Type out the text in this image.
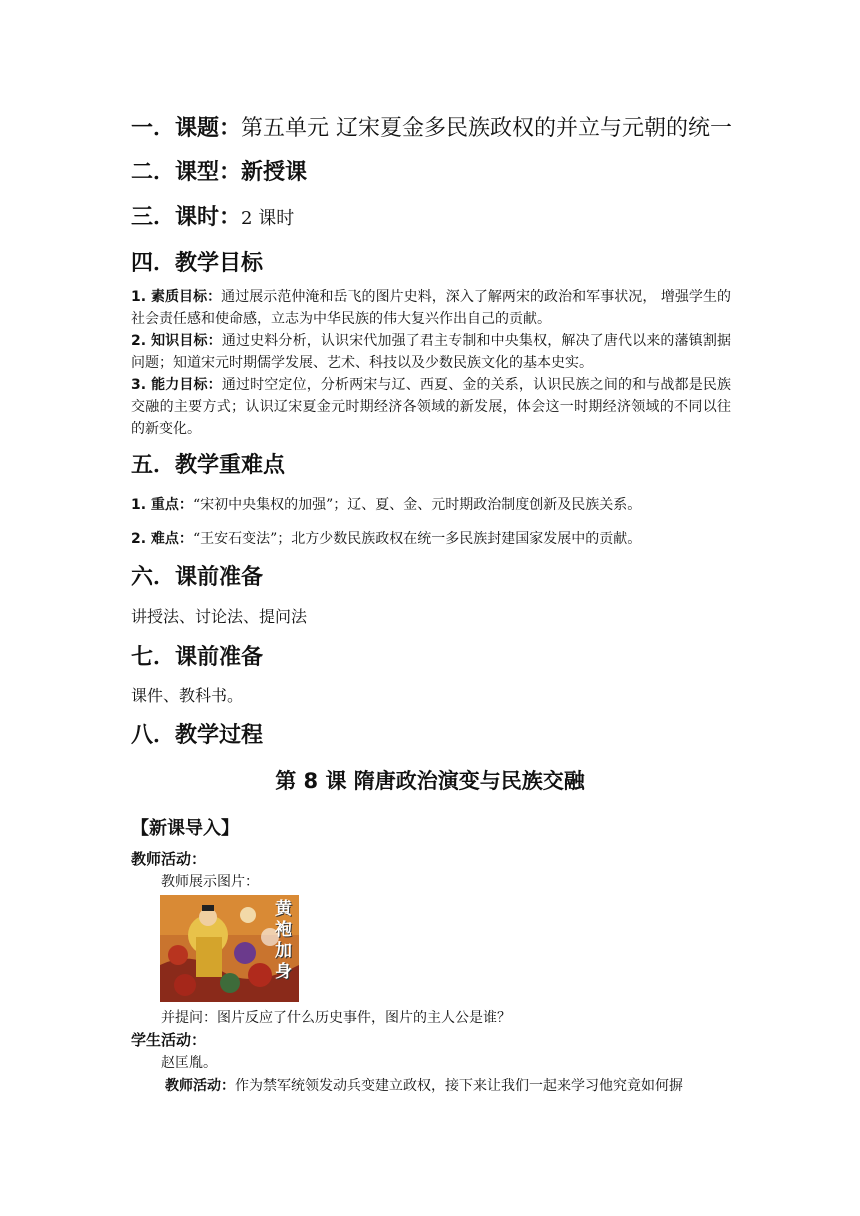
一．课题：第五单元 辽宋夏金多民族政权的并立与元朝的统一
二．课型：新授课
三．课时：2 课时
四．教学目标
1. 素质目标：通过展示范仲淹和岳飞的图片史料，深入了解两宋的政治和军事状况， 增强学生的社会责任感和使命感，立志为中华民族的伟大复兴作出自己的贡献。
2. 知识目标：通过史料分析，认识宋代加强了君主专制和中央集权，解决了唐代以来的藩镇割据问题；知道宋元时期儒学发展、艺术、科技以及少数民族文化的基本史实。
3. 能力目标：通过时空定位，分析两宋与辽、西夏、金的关系，认识民族之间的和与战都是民族交融的主要方式；认识辽宋夏金元时期经济各领域的新发展，体会这一时期经济领域的不同以往的新变化。
五．教学重难点
1. 重点：“宋初中央集权的加强”；辽、夏、金、元时期政治制度创新及民族关系。
2. 难点：“王安石变法”；北方少数民族政权在统一多民族封建国家发展中的贡献。
六．课前准备
讲授法、讨论法、提问法
七．课前准备
课件、教科书。
八．教学过程
第 8 课 隋唐政治演变与民族交融
【新课导入】
教师活动：
教师展示图片：
黄
袍
加
身
并提问：图片反应了什么历史事件，图片的主人公是谁？
学生活动：
赵匡胤。
教师活动：作为禁军统领发动兵变建立政权，接下来让我们一起来学习他究竟如何摒
